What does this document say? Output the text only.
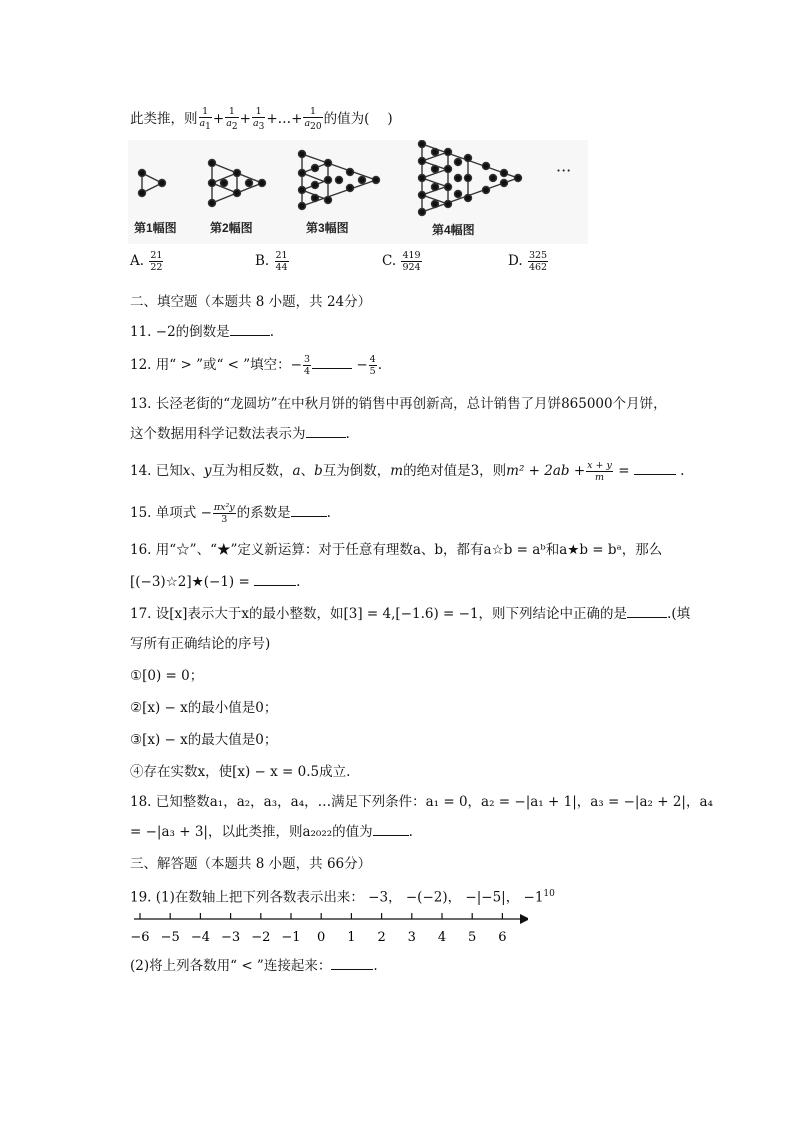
此类推，则 $\frac{1}{a_1} + \frac{1}{a_2} + \frac{1}{a_3}$ +…+ $\frac{1}{a_{20}}$ 的值为( )
第1幅图	第2幅图	第3幅图	第4幅图
···
A. $\frac{21}{22}$	B. $\frac{21}{44}$	C. $\frac{419}{924}$	D. $\frac{325}{462}$
二、填空题（本题共 8 小题，共 24分）
11. −2的倒数是	.
12. 用“ > ”或“ < ”填空：− $\frac{3}{4}$	− $\frac{4}{5}$ .
13. 长泾老街的“龙圆坊”在中秋月饼的销售中再创新高，总计销售了月饼865000个月饼，
这个数据用科学记数法表示为	.
14. 已知x、y互为相反数，a、b互为倒数，m的绝对值是3，则$m^2 + 2ab + \frac{x + y}{m}$ =	.
15. 单项式 − $\frac{\text{πx²y}}{3}$ 的系数是	.
16. 用“☆”、“★”定义新运算：对于任意有理数a、b，都有a☆b = aᵇ和a★b = bᵃ，那么
[(−3)☆2]★(−1) =	.
17. 设[x]表示大于x的最小整数，如[3] = 4,[−1.6) = −1，则下列结论中正确的是	.(填
写所有正确结论的序号)
①[0) = 0；
②[x) − x的最小值是0；
③[x) − x的最大值是0；
④存在实数x，使[x) − x = 0.5成立.
18. 已知整数a₁，a₂，a₃，a₄，…满足下列条件：a₁ = 0，a₂ = −|a₁ + 1|，a₃ = −|a₂ + 2|，a₄
= −|a₃ + 3|，以此类推，则a₂₀₂₂的值为	.
三、解答题（本题共 8 小题，共 66分）
19. (1)在数轴上把下列各数表示出来： −3， −(−2)， −|−5|， $-1^{10}$
−6 −5 −4 −3 −2 −1 0 1 2 3 4 5 6
(2)将上列各数用“ < ”连接起来：	.
